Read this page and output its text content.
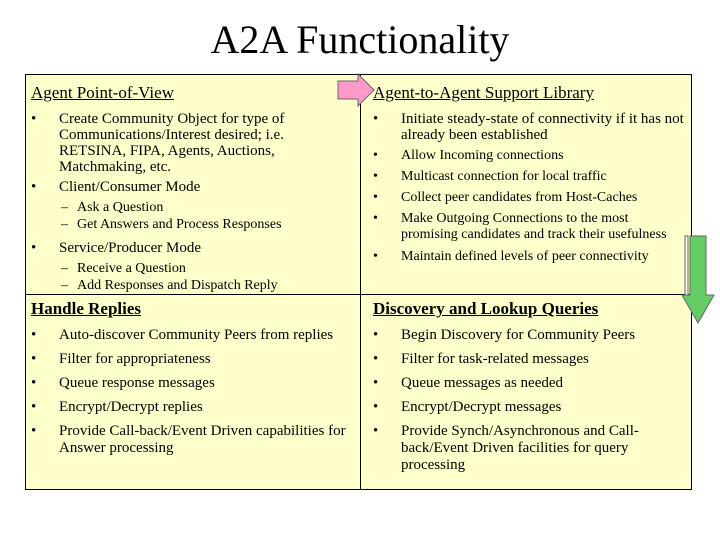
A2A Functionality
Agent Point-of-View
• Create Community Object for type of Communications/Interest desired; i.e. RETSINA, FIPA, Agents, Auctions, Matchmaking, etc.
• Client/Consumer Mode
– Ask a Question
– Get Answers and Process Responses
• Service/Producer Mode
– Receive a Question
– Add Responses and Dispatch Reply
Agent-to-Agent Support Library
• Initiate steady-state of connectivity if it has not already been established
• Allow Incoming connections
• Multicast connection for local traffic
• Collect peer candidates from Host-Caches
• Make Outgoing Connections to the most promising candidates and track their usefulness
• Maintain defined levels of peer connectivity
Handle Replies
• Auto-discover Community Peers from replies
• Filter for appropriateness
• Queue response messages
• Encrypt/Decrypt replies
• Provide Call-back/Event Driven capabilities for Answer processing
Discovery and Lookup Queries
• Begin Discovery for Community Peers
• Filter for task-related messages
• Queue messages as needed
• Encrypt/Decrypt messages
• Provide Synch/Asynchronous and Call-back/Event Driven facilities for query processing
